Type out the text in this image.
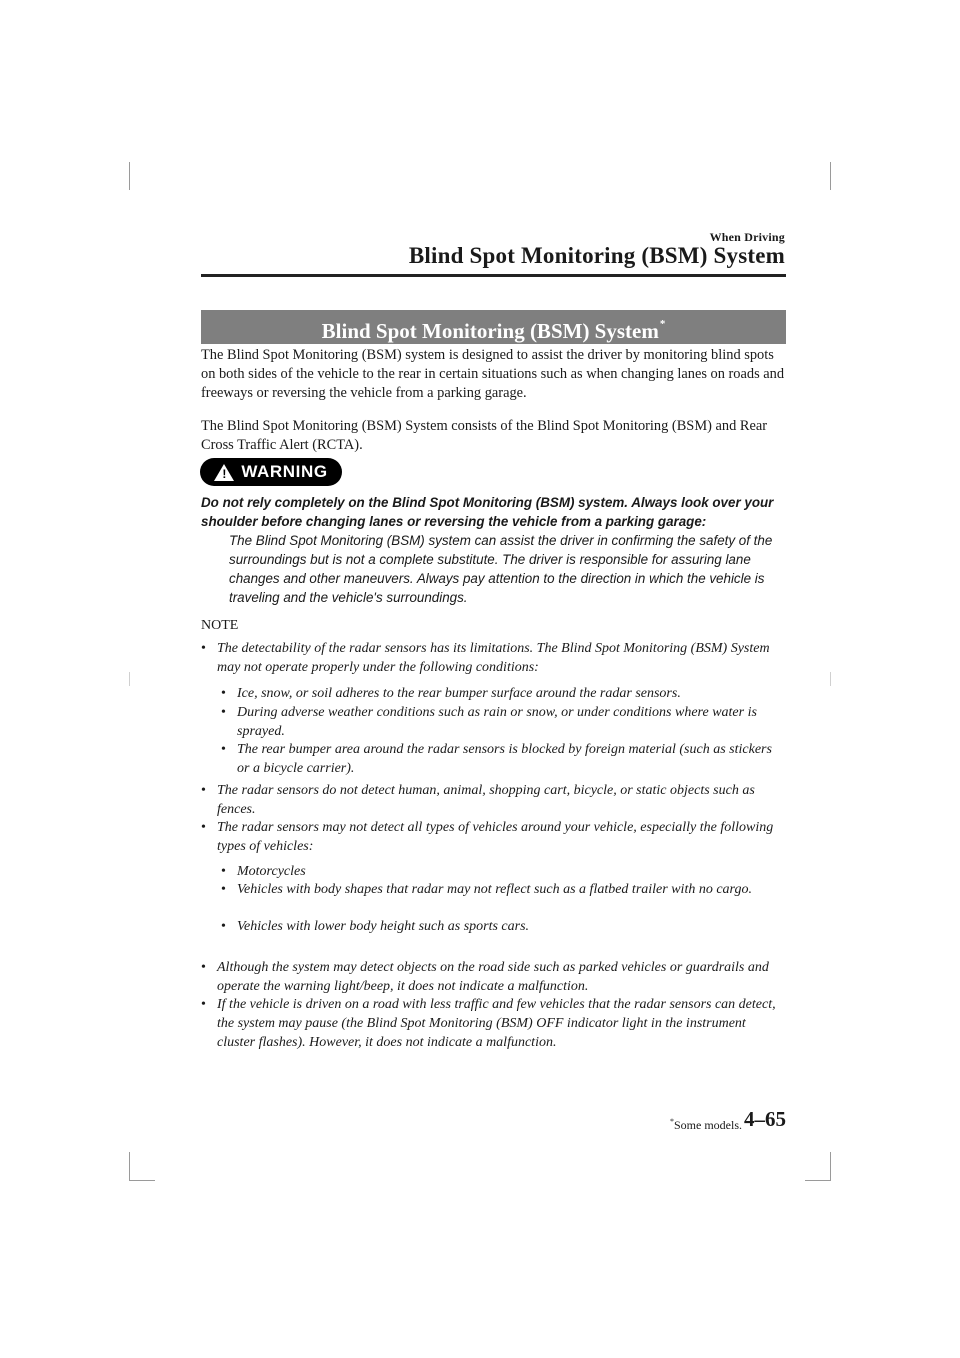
When Driving
Blind Spot Monitoring (BSM) System
Blind Spot Monitoring (BSM) System*
The Blind Spot Monitoring (BSM) system is designed to assist the driver by monitoring blind spots on both sides of the vehicle to the rear in certain situations such as when changing lanes on roads and freeways or reversing the vehicle from a parking garage.
The Blind Spot Monitoring (BSM) System consists of the Blind Spot Monitoring (BSM) and Rear Cross Traffic Alert (RCTA).
! WARNING
Do not rely completely on the Blind Spot Monitoring (BSM) system. Always look over your shoulder before changing lanes or reversing the vehicle from a parking garage:
The Blind Spot Monitoring (BSM) system can assist the driver in confirming the safety of the surroundings but is not a complete substitute. The driver is responsible for assuring lane changes and other maneuvers. Always pay attention to the direction in which the vehicle is traveling and the vehicle's surroundings.
NOTE
• The detectability of the radar sensors has its limitations. The Blind Spot Monitoring (BSM) System may not operate properly under the following conditions:
• Ice, snow, or soil adheres to the rear bumper surface around the radar sensors.
• During adverse weather conditions such as rain or snow, or under conditions where water is sprayed.
• The rear bumper area around the radar sensors is blocked by foreign material (such as stickers or a bicycle carrier).
• The radar sensors do not detect human, animal, shopping cart, bicycle, or static objects such as fences.
• The radar sensors may not detect all types of vehicles around your vehicle, especially the following types of vehicles:
• Motorcycles
• Vehicles with body shapes that radar may not reflect such as a flatbed trailer with no cargo.
• Vehicles with lower body height such as sports cars.
• Although the system may detect objects on the road side such as parked vehicles or guardrails and operate the warning light/beep, it does not indicate a malfunction.
• If the vehicle is driven on a road with less traffic and few vehicles that the radar sensors can detect, the system may pause (the Blind Spot Monitoring (BSM) OFF indicator light in the instrument cluster flashes). However, it does not indicate a malfunction.
*Some models. 4–65
